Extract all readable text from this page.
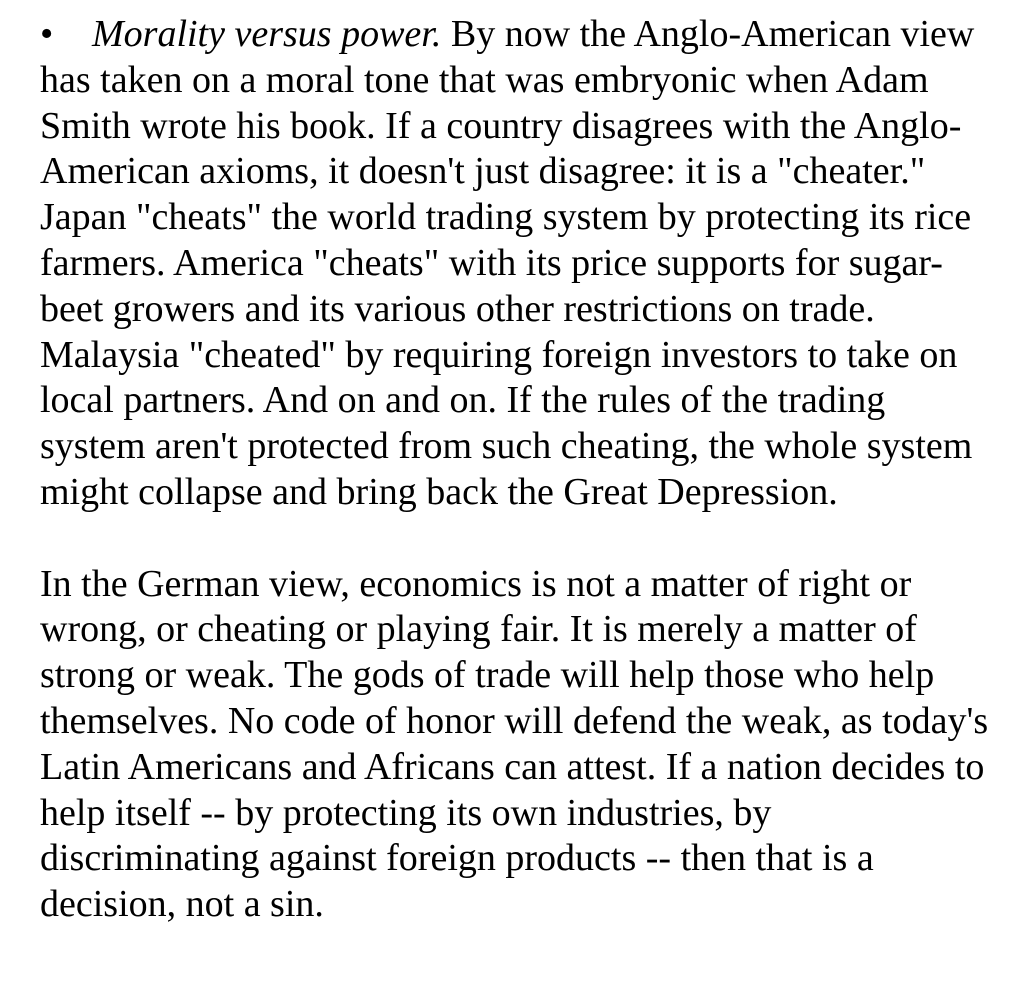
• Morality versus power. By now the Anglo-American view has taken on a moral tone that was embryonic when Adam Smith wrote his book. If a country disagrees with the Anglo-American axioms, it doesn't just disagree: it is a "cheater." Japan "cheats" the world trading system by protecting its rice farmers. America "cheats" with its price supports for sugar-beet growers and its various other restrictions on trade. Malaysia "cheated" by requiring foreign investors to take on local partners. And on and on. If the rules of the trading system aren't protected from such cheating, the whole system might collapse and bring back the Great Depression.

In the German view, economics is not a matter of right or wrong, or cheating or playing fair. It is merely a matter of strong or weak. The gods of trade will help those who help themselves. No code of honor will defend the weak, as today's Latin Americans and Africans can attest. If a nation decides to help itself -- by protecting its own industries, by discriminating against foreign products -- then that is a decision, not a sin.
